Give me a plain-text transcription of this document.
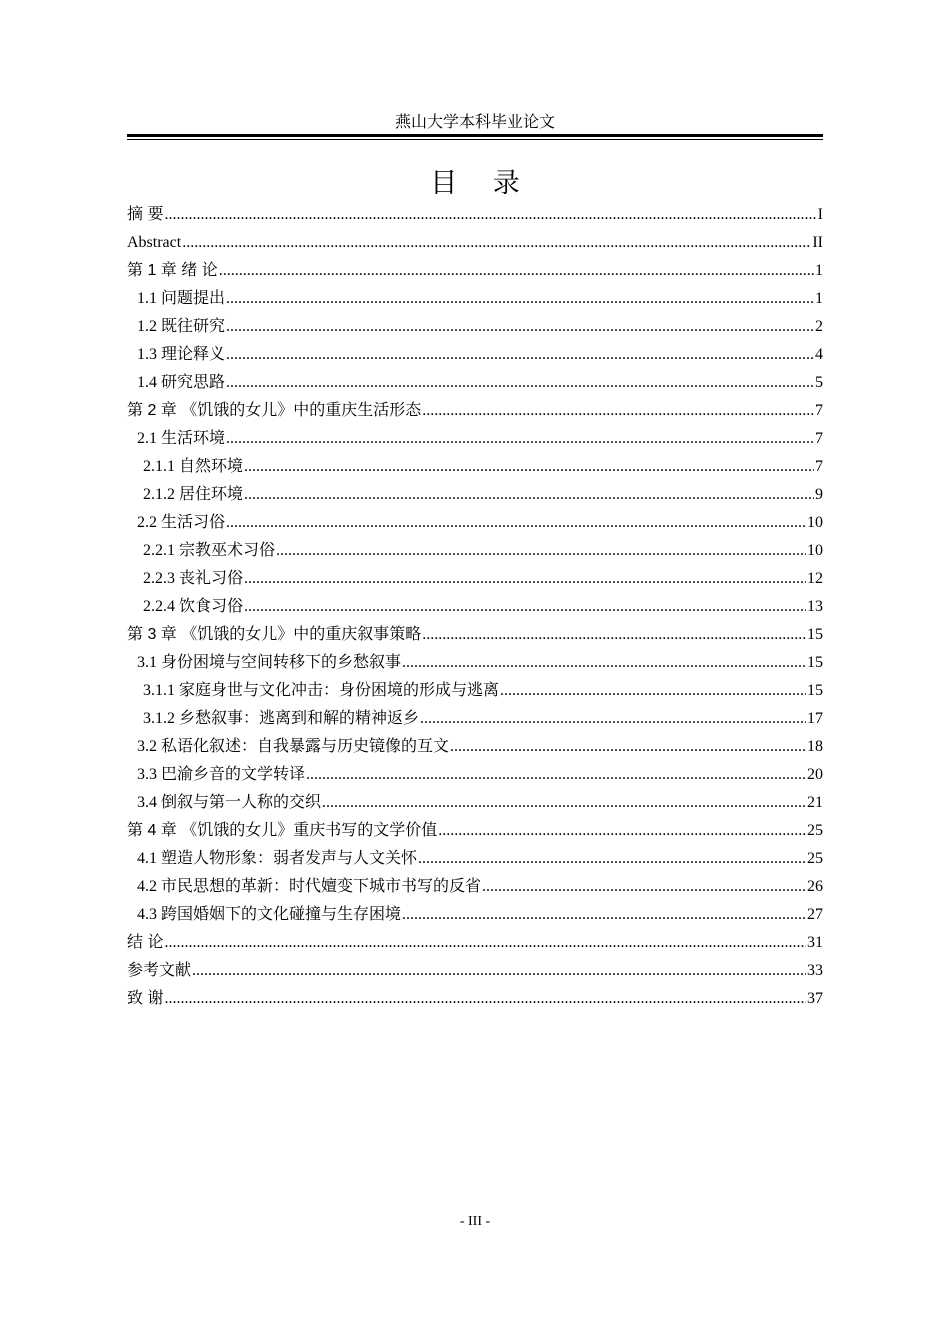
燕山大学本科毕业论文
目 录
摘 要 .....	I
Abstract .....	II
第 1 章 绪 论 .....	1
1.1 问题提出 .....	1
1.2 既往研究 .....	2
1.3 理论释义 .....	4
1.4 研究思路 .....	5
第 2 章 《饥饿的女儿》中的重庆生活形态 .....	7
2.1 生活环境 .....	7
2.1.1 自然环境 .....	7
2.1.2 居住环境 .....	9
2.2 生活习俗 .....	10
2.2.1 宗教巫术习俗 .....	10
2.2.3 丧礼习俗 .....	12
2.2.4 饮食习俗 .....	13
第 3 章 《饥饿的女儿》中的重庆叙事策略 .....	15
3.1 身份困境与空间转移下的乡愁叙事 .....	15
3.1.1 家庭身世与文化冲击：身份困境的形成与逃离 .....	15
3.1.2 乡愁叙事：逃离到和解的精神返乡 .....	17
3.2 私语化叙述：自我暴露与历史镜像的互文 .....	18
3.3 巴渝乡音的文学转译 .....	20
3.4 倒叙与第一人称的交织 .....	21
第 4 章 《饥饿的女儿》重庆书写的文学价值 .....	25
4.1 塑造人物形象：弱者发声与人文关怀 .....	25
4.2 市民思想的革新：时代嬗变下城市书写的反省 .....	26
4.3 跨国婚姻下的文化碰撞与生存困境 .....	27
结 论 .....	31
参考文献 .....	33
致 谢 .....	37
- III -
